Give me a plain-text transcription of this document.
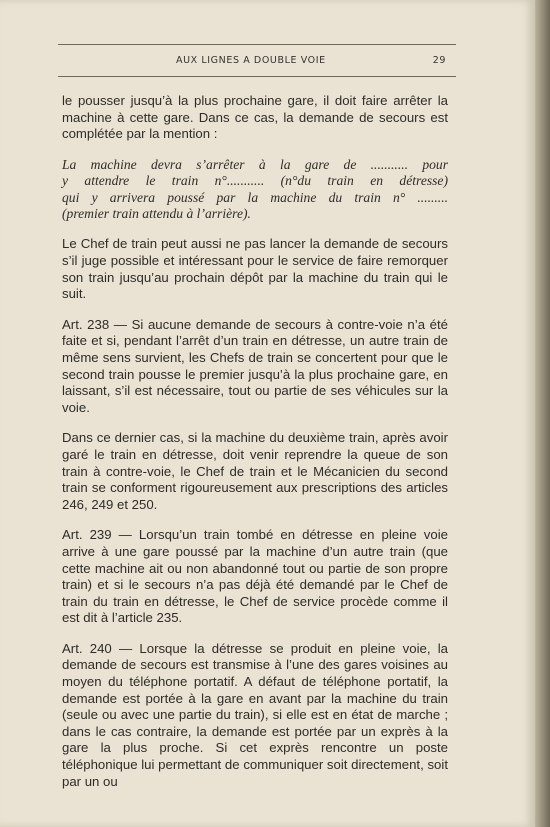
AUX LIGNES A DOUBLE VOIE	29

le pousser jusqu’à la plus prochaine gare, il doit faire arrêter la machine à cette gare. Dans ce cas, la demande de secours est complétée par la mention :

La machine devra s’arrêter à la gare de ........... pour
y attendre le train n°........... (n°du train en détresse)
qui y arrivera poussé par la machine du train n° .........
(premier train attendu à l’arrière).

Le Chef de train peut aussi ne pas lancer la demande de secours s’il juge possible et intéressant pour le service de faire remorquer son train jusqu’au prochain dépôt par la machine du train qui le suit.

Art. 238 — Si aucune demande de secours à contre-voie n’a été faite et si, pendant l’arrêt d’un train en détresse, un autre train de même sens survient, les Chefs de train se concertent pour que le second train pousse le premier jusqu’à la plus prochaine gare, en laissant, s’il est nécessaire, tout ou partie de ses véhicules sur la voie.

Dans ce dernier cas, si la machine du deuxième train, après avoir garé le train en détresse, doit venir reprendre la queue de son train à contre-voie, le Chef de train et le Mécanicien du second train se conforment rigoureusement aux prescriptions des articles 246, 249 et 250.

Art. 239 — Lorsqu’un train tombé en détresse en pleine voie arrive à une gare poussé par la machine d’un autre train (que cette machine ait ou non abandonné tout ou partie de son propre train) et si le secours n’a pas déjà été demandé par le Chef de train du train en détresse, le Chef de service procède comme il est dit à l’article 235.

Art. 240 — Lorsque la détresse se produit en pleine voie, la demande de secours est transmise à l’une des gares voisines au moyen du téléphone portatif. A défaut de téléphone portatif, la demande est portée à la gare en avant par la machine du train (seule ou avec une partie du train), si elle est en état de marche ; dans le cas contraire, la demande est portée par un exprès à la gare la plus proche. Si cet exprès rencontre un poste téléphonique lui permettant de communiquer soit directement, soit par un ou
